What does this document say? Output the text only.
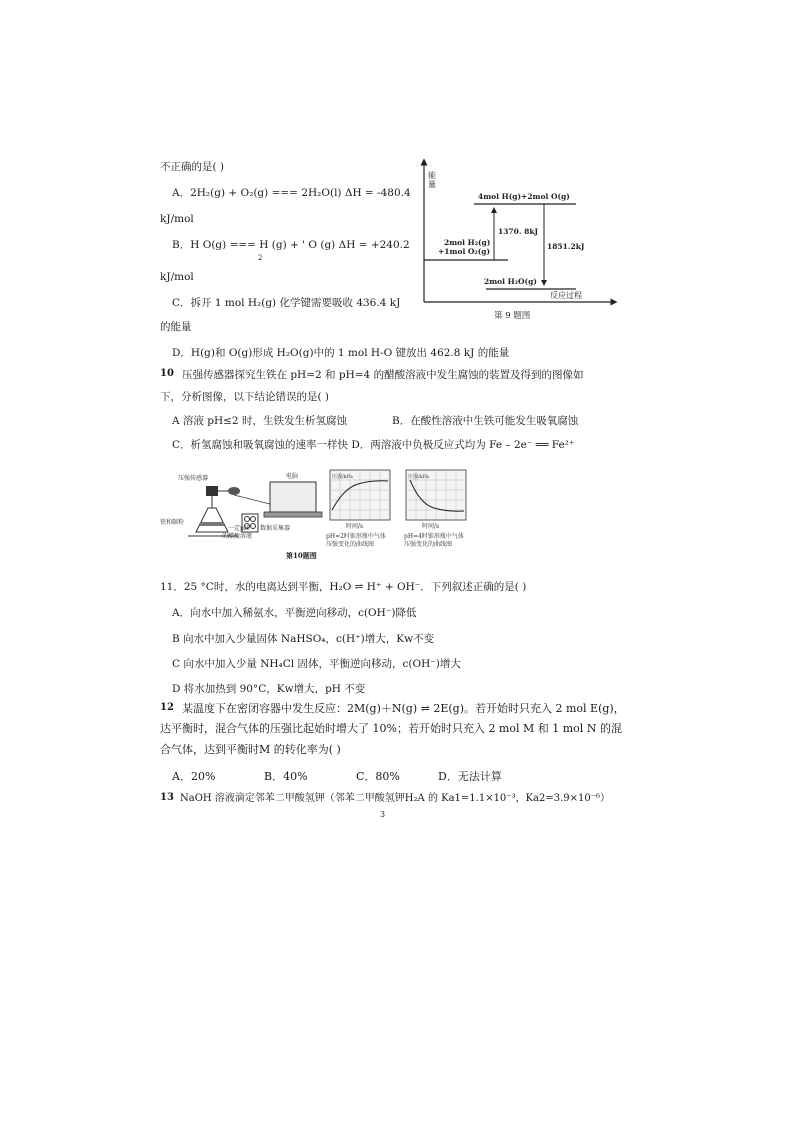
不正确的是( )
A．2H₂(g) + O₂(g) === 2H₂O(l) ΔH = -480.4
kJ/mol
B．H O(g) === H (g) + ' O (g) ΔH = +240.2
2
kJ/mol
C．拆开 1 mol H₂(g) 化学键需要吸收 436.4 kJ
的能量
D．H(g)和 O(g)形成 H₂O(g)中的 1 mol H-O 键放出 462.8 kJ 的能量
能量
4mol H(g)+2mol O(g)
2mol H₂(g)
+1mol O₂(g)
2mol H₂O(g)
1370. 8kJ
1851.2kJ
反应过程
第 9 题图
10 压强传感器探究生铁在 pH=2 和 pH=4 的醋酸溶液中发生腐蚀的装置及得到的图像如
下，分析图像，以下结论错误的是( )
A 溶液 pH≤2 时，生铁发生析氢腐蚀	B．在酸性溶液中生铁可能发生吸氧腐蚀
C．析氢腐蚀和吸氧腐蚀的速率一样快 D．两溶液中负极反应式均为 Fe – 2e⁻ ══ Fe²⁺
压强传感器
铁和碳粉
一定pH
的醋酸溶液
数据采集器
电脑	压强/kPa
时间/s
pH=2时锥形瓶中气体
压强变化的曲线图
压强/kPa
时间/s
pH=4时锥形瓶中气体
压强变化的曲线图
第10题图
11．25 °C时，水的电离达到平衡，H₂O ⇌ H⁺ + OH⁻．下列叙述正确的是( )
A．向水中加入稀氨水，平衡逆向移动，c(OH⁻)降低
B 向水中加入少量固体 NaHSO₄，c(H⁺)增大，Kw不变
C 向水中加入少量 NH₄Cl 固体，平衡逆向移动，c(OH⁻)增大
D 将水加热到 90°C，Kw增大，pH 不变
12 某温度下在密闭容器中发生反应：2M(g)＋N(g) ⇌ 2E(g)。若开始时只充入 2 mol E(g)，
达平衡时，混合气体的压强比起始时增大了 10%；若开始时只充入 2 mol M 和 1 mol N 的混
合气体，达到平衡时M 的转化率为( )
A．20%	B．40%	C．80%	D．无法计算
13 NaOH 溶液滴定邻苯二甲酸氢钾（邻苯二甲酸氢钾H₂A 的 Ka1=1.1×10⁻³，Ka2=3.9×10⁻⁶）
3
